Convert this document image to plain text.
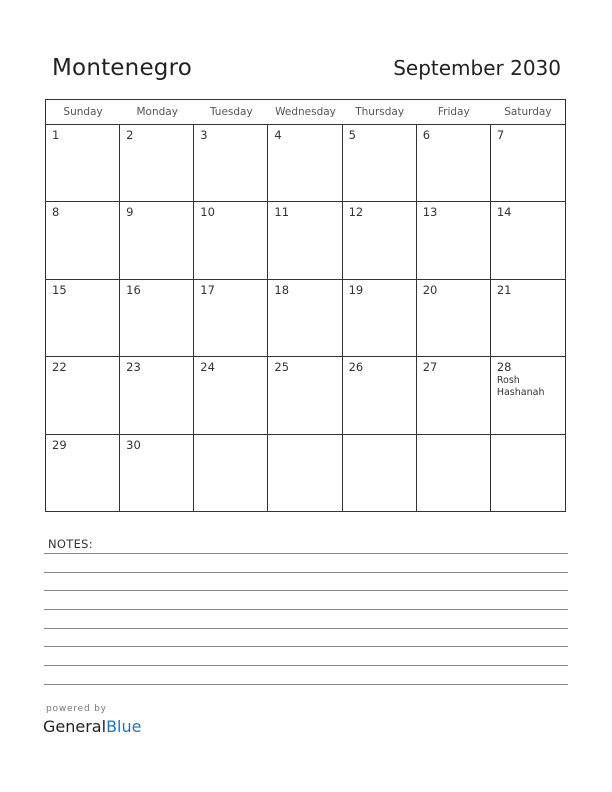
Montenegro	September 2030
Sunday	Monday	Tuesday	Wednesday	Thursday	Friday	Saturday
1	2	3	4	5	6	7
8	9	10	11	12	13	14
15	16	17	18	19	20	21
22	23	24	25	26	27	28
Rosh Hashanah
29	30
NOTES:
powered by
GeneralBlue
